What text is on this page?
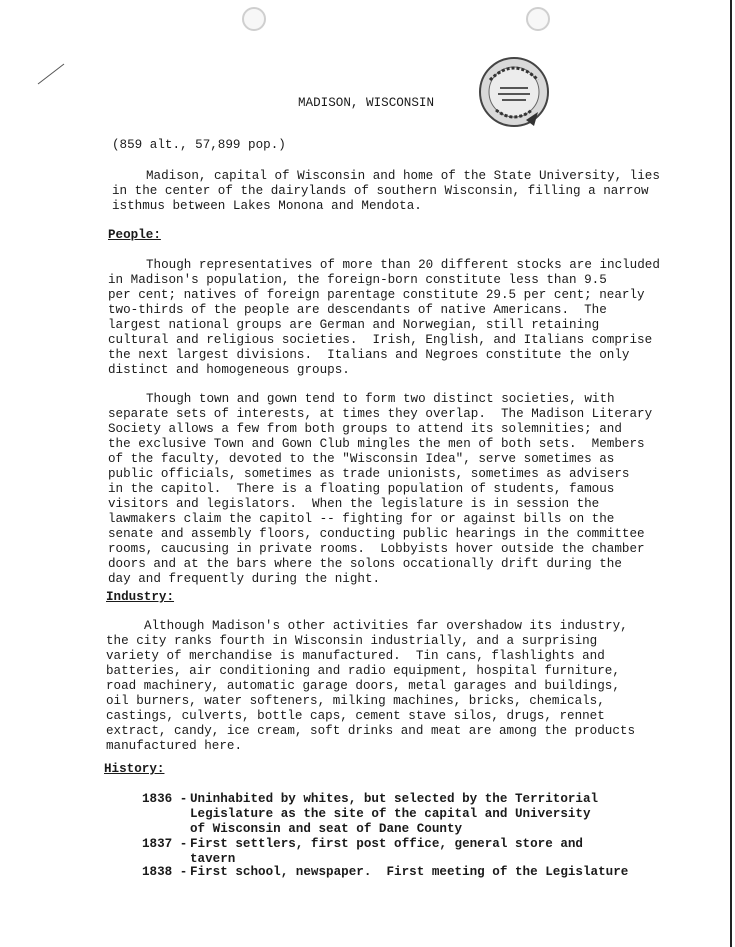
MADISON, WISCONSIN
(859 alt., 57,899 pop.)
Madison, capital of Wisconsin and home of the State University, lies
in the center of the dairylands of southern Wisconsin, filling a narrow
isthmus between Lakes Monona and Mendota.
People:
Though representatives of more than 20 different stocks are included
in Madison's population, the foreign-born constitute less than 9.5
per cent; natives of foreign parentage constitute 29.5 per cent; nearly
two-thirds of the people are descendants of native Americans.  The
largest national groups are German and Norwegian, still retaining
cultural and religious societies.  Irish, English, and Italians comprise
the next largest divisions.  Italians and Negroes constitute the only
distinct and homogeneous groups.
Though town and gown tend to form two distinct societies, with
separate sets of interests, at times they overlap.  The Madison Literary
Society allows a few from both groups to attend its solemnities; and
the exclusive Town and Gown Club mingles the men of both sets.  Members
of the faculty, devoted to the "Wisconsin Idea", serve sometimes as
public officials, sometimes as trade unionists, sometimes as advisers
in the capitol.  There is a floating population of students, famous
visitors and legislators.  When the legislature is in session the
lawmakers claim the capitol -- fighting for or against bills on the
senate and assembly floors, conducting public hearings in the committee
rooms, caucusing in private rooms.  Lobbyists hover outside the chamber
doors and at the bars where the solons occationally drift during the
day and frequently during the night.
Industry:
Although Madison's other activities far overshadow its industry,
the city ranks fourth in Wisconsin industrially, and a surprising
variety of merchandise is manufactured.  Tin cans, flashlights and
batteries, air conditioning and radio equipment, hospital furniture,
road machinery, automatic garage doors, metal garages and buildings,
oil burners, water softeners, milking machines, bricks, chemicals,
castings, culverts, bottle caps, cement stave silos, drugs, rennet
extract, candy, ice cream, soft drinks and meat are among the products
manufactured here.
History:
1836 - Uninhabited by whites, but selected by the Territorial
Legislature as the site of the capital and University
of Wisconsin and seat of Dane County
1837 - First settlers, first post office, general store and
tavern
1838 - First school, newspaper.  First meeting of the Legislature
